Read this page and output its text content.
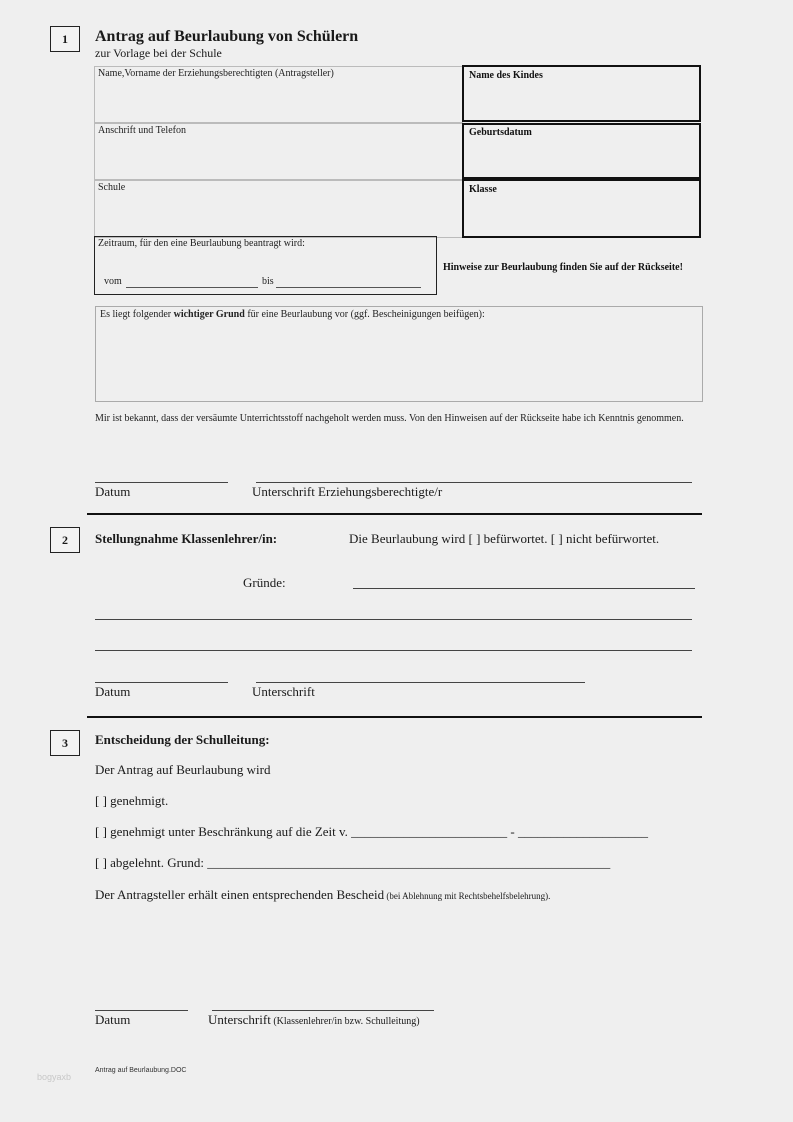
1	Antrag auf Beurlaubung von Schülern
zur Vorlage bei der Schule
Name,Vorname der Erziehungsberechtigten (Antragsteller)	Name des Kindes
Anschrift und Telefon	Geburtsdatum
Schule	Klasse
Zeitraum, für den eine Beurlaubung beantragt wird:
vom	bis
Hinweise zur Beurlaubung finden Sie auf der Rückseite!
Es liegt folgender wichtiger Grund für eine Beurlaubung vor (ggf. Bescheinigungen beifügen):
Mir ist bekannt, dass der versäumte Unterrichtsstoff nachgeholt werden muss. Von den Hinweisen auf der Rückseite habe ich Kenntnis genommen.
Datum	Unterschrift Erziehungsberechtigte/r
2	Stellungnahme Klassenlehrer/in:	Die Beurlaubung wird [ ] befürwortet. [ ] nicht befürwortet.
Gründe:
Datum	Unterschrift
3	Entscheidung der Schulleitung:
Der Antrag auf Beurlaubung wird
[ ] genehmigt.
[ ] genehmigt unter Beschränkung auf die Zeit v. ________________________ - ____________________
[ ] abgelehnt. Grund: ______________________________________________________________
Der Antragsteller erhält einen entsprechenden Bescheid (bei Ablehnung mit Rechtsbehelfsbelehrung).
Datum	Unterschrift (Klassenlehrer/in bzw. Schulleitung)
Antrag auf Beurlaubung.DOC
bogyaxb
